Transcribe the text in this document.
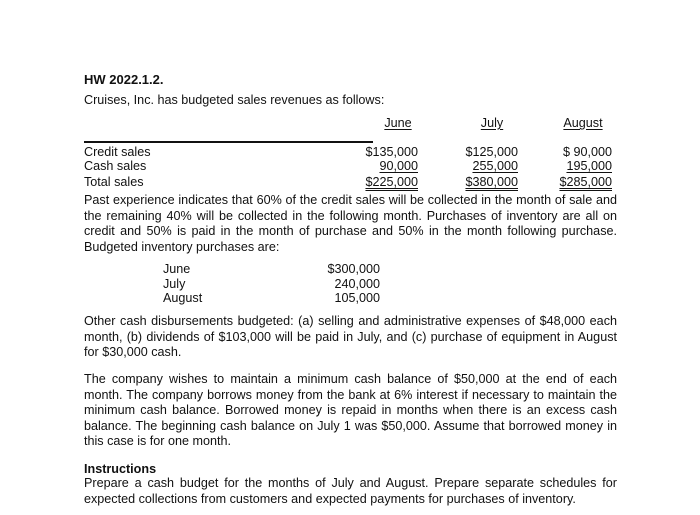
HW 2022.1.2.
Cruises, Inc. has budgeted sales revenues as follows:
June	July	August
Credit sales	$135,000	$125,000	$ 90,000
Cash sales	90,000	255,000	195,000
Total sales	$225,000	$380,000	$285,000
Past experience indicates that 60% of the credit sales will be collected in the month of sale and the remaining 40% will be collected in the following month. Purchases of inventory are all on credit and 50% is paid in the month of purchase and 50% in the month following purchase. Budgeted inventory purchases are:
June	$300,000
July	240,000
August	105,000
Other cash disbursements budgeted: (a) selling and administrative expenses of $48,000 each month, (b) dividends of $103,000 will be paid in July, and (c) purchase of equipment in August for $30,000 cash.
The company wishes to maintain a minimum cash balance of $50,000 at the end of each month. The company borrows money from the bank at 6% interest if necessary to maintain the minimum cash balance. Borrowed money is repaid in months when there is an excess cash balance. The beginning cash balance on July 1 was $50,000. Assume that borrowed money in this case is for one month.
Instructions
Prepare a cash budget for the months of July and August. Prepare separate schedules for expected collections from customers and expected payments for purchases of inventory.
